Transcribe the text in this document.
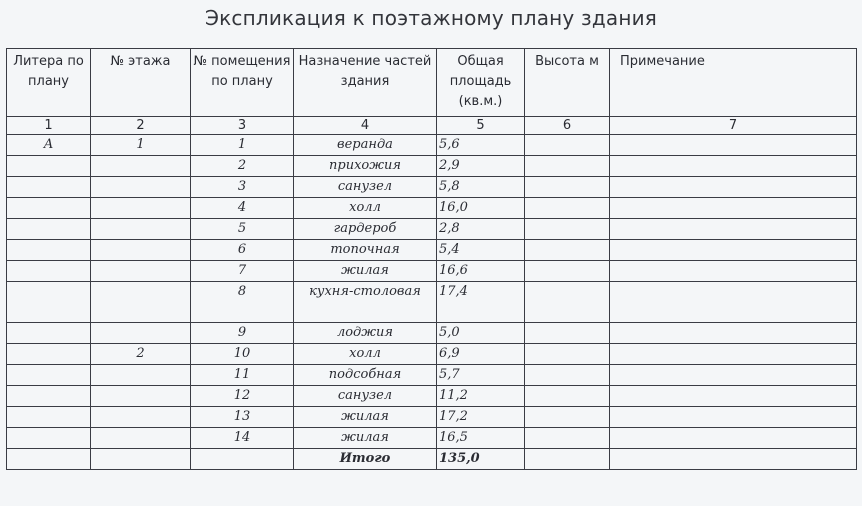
Экспликация к поэтажному плану здания
Литера по плану	№ этажа	№ помещения по плану	Назначение частей здания	Общая площадь (кв.м.)	Высота м	Примечание
1	2	3	4	5	6	7
А	1	1	веранда	5,6		
		2	прихожия	2,9		
		3	санузел	5,8		
		4	холл	16,0		
		5	гардероб	2,8		
		6	топочная	5,4		
		7	жилая	16,6		
		8	кухня-столовая	17,4		
		9	лоджия	5,0		
	2	10	холл	6,9		
		11	подсобная	5,7		
		12	санузел	11,2		
		13	жилая	17,2		
		14	жилая	16,5		
			Итого	135,0		
